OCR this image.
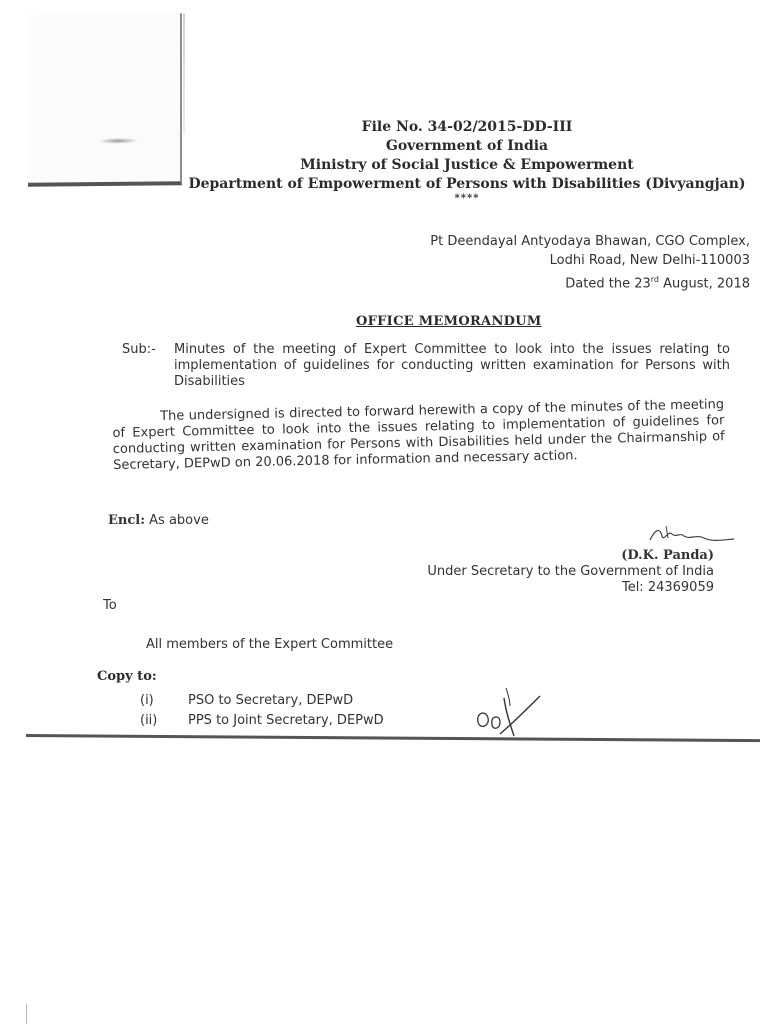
File No. 34-02/2015-DD-III
Government of India
Ministry of Social Justice & Empowerment
Department of Empowerment of Persons with Disabilities (Divyangjan)
****
Pt Deendayal Antyodaya Bhawan, CGO Complex,
Lodhi Road, New Delhi-110003
Dated the 23rd August, 2018
OFFICE MEMORANDUM
Sub:- Minutes of the meeting of Expert Committee to look into the issues relating to implementation of guidelines for conducting written examination for Persons with Disabilities
The undersigned is directed to forward herewith a copy of the minutes of the meeting of Expert Committee to look into the issues relating to implementation of guidelines for conducting written examination for Persons with Disabilities held under the Chairmanship of Secretary, DEPwD on 20.06.2018 for information and necessary action.
Encl: As above
(D.K. Panda)
Under Secretary to the Government of India
Tel: 24369059
To
All members of the Expert Committee
Copy to:
(i)	PSO to Secretary, DEPwD
(ii)	PPS to Joint Secretary, DEPwD
